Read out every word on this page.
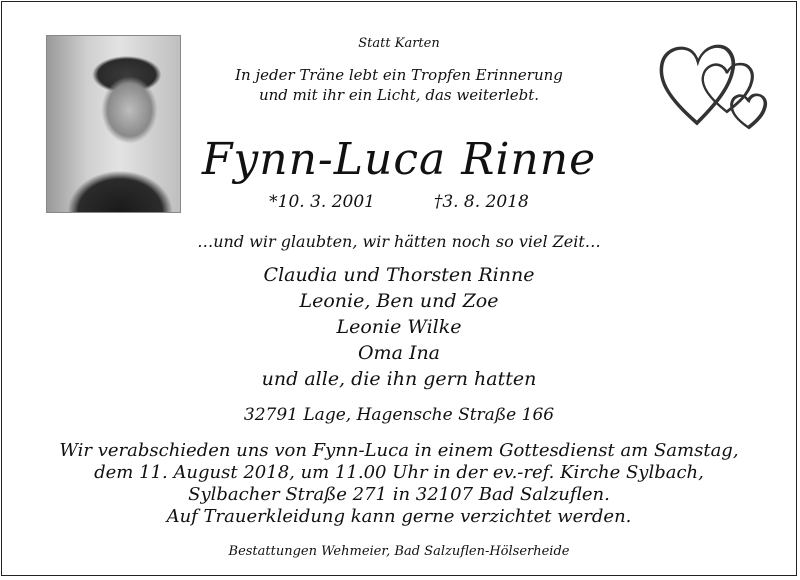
Statt Karten
In jeder Träne lebt ein Tropfen Erinnerung
und mit ihr ein Licht, das weiterlebt.
Fynn-Luca Rinne
*10. 3. 2001	†3. 8. 2018
…und wir glaubten, wir hätten noch so viel Zeit…
Claudia und Thorsten Rinne
Leonie, Ben und Zoe
Leonie Wilke
Oma Ina
und alle, die ihn gern hatten
32791 Lage, Hagensche Straße 166
Wir verabschieden uns von Fynn-Luca in einem Gottesdienst am Samstag,
dem 11. August 2018, um 11.00 Uhr in der ev.-ref. Kirche Sylbach,
Sylbacher Straße 271 in 32107 Bad Salzuflen.
Auf Trauerkleidung kann gerne verzichtet werden.
Bestattungen Wehmeier, Bad Salzuflen-Hölserheide
